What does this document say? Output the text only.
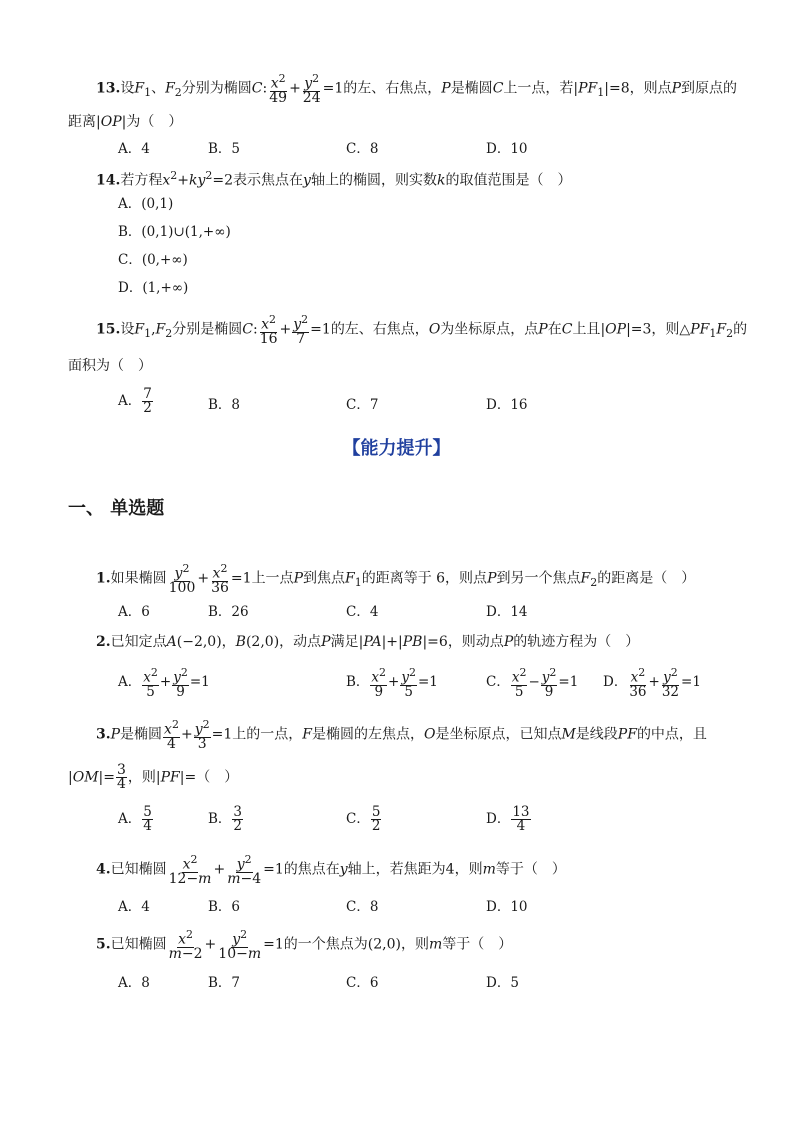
13.设$F_1$、$F_2$分别为椭圆C: $\frac{x^2}{49} + \frac{y^2}{24} =1$的左、右焦点，P是椭圆C上一点，若$|PF_1|=8$，则点P到原点的
距离|OP|为（　）
A．4	B．5	C．8	D．10
14.若方程$x^2+ky^2=2$表示焦点在y轴上的椭圆，则实数k的取值范围是（　）
A．(0,1)
B．(0,1)∪(1,+∞)
C．(0,+∞)
D．(1,+∞)
15.设$F_1,F_2$分别是椭圆C: $\frac{x^2}{16} + \frac{y^2}{7} =1$的左、右焦点，O为坐标原点，点P在C上且|OP|=3，则$\triangle PF_1F_2$的
面积为（　）
A． $\frac{7}{2}$	B．8	C．7	D．16
【能力提升】
一、 单选题
1.如果椭圆 $\frac{y^2}{100} + \frac{x^2}{36} =1$上一点P到焦点$F_1$的距离等于 6，则点P到另一个焦点$F_2$的距离是（　）
A．6	B．26	C．4	D．14
2.已知定点A(−2,0)，B(2,0)，动点P满足|PA|+|PB|=6，则动点P的轨迹方程为（　）
A． $\frac{x^2}{5} + \frac{y^2}{9} =1$	B． $\frac{x^2}{9} + \frac{y^2}{5} =1$	C． $\frac{x^2}{5} - \frac{y^2}{9} =1$ D． $\frac{x^2}{36} + \frac{y^2}{32} =1$
3.P是椭圆 $\frac{x^2}{4} + \frac{y^2}{3} =1$上的一点，F是椭圆的左焦点，O是坐标原点，已知点M是线段PF的中点，且
$|OM|= \frac{3}{4}$ ，则|PF|=（　）
A． $\frac{5}{4}$	B． $\frac{3}{2}$	C． $\frac{5}{2}$	D． $\frac{13}{4}$
4.已知椭圆 $\frac{x^2}{12-m} + \frac{y^2}{m-4} =1$的焦点在y轴上，若焦距为4，则m等于（　）
A．4	B．6	C．8	D．10
5.已知椭圆 $\frac{x^2}{m-2} + \frac{y^2}{10-m} =1$的一个焦点为(2,0)，则m等于（　）
A．8	B．7	C．6	D．5
